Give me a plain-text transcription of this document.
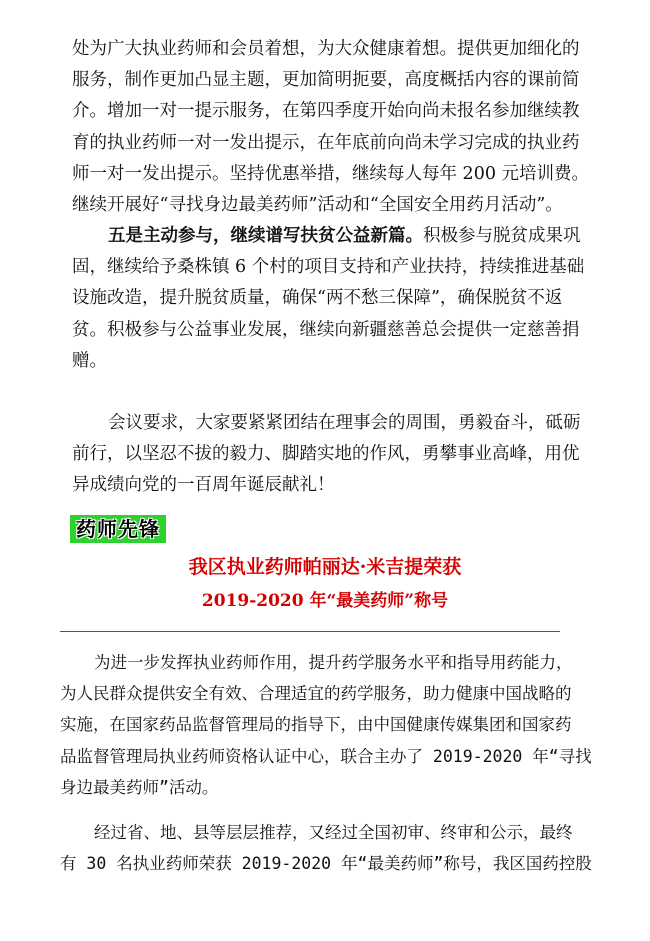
处为广大执业药师和会员着想，为大众健康着想。提供更加细化的
服务，制作更加凸显主题，更加简明扼要，高度概括内容的课前简
介。增加一对一提示服务，在第四季度开始向尚未报名参加继续教
育的执业药师一对一发出提示，在年底前向尚未学习完成的执业药
师一对一发出提示。坚持优惠举措，继续每人每年 200 元培训费。
继续开展好“寻找身边最美药师”活动和“全国安全用药月活动”。
五是主动参与，继续谱写扶贫公益新篇。积极参与脱贫成果巩
固，继续给予桑株镇 6 个村的项目支持和产业扶持，持续推进基础
设施改造，提升脱贫质量，确保“两不愁三保障”，确保脱贫不返
贫。积极参与公益事业发展，继续向新疆慈善总会提供一定慈善捐
赠。
会议要求，大家要紧紧团结在理事会的周围，勇毅奋斗，砥砺
前行，以坚忍不拔的毅力、脚踏实地的作风，勇攀事业高峰，用优
异成绩向党的一百周年诞辰献礼！
药师先锋

我区执业药师帕丽达·米吉提荣获

2019-2020 年“最美药师”称号

为进一步发挥执业药师作用，提升药学服务水平和指导用药能力，
为人民群众提供安全有效、合理适宜的药学服务，助力健康中国战略的
实施，在国家药品监督管理局的指导下，由中国健康传媒集团和国家药
品监督管理局执业药师资格认证中心，联合主办了 2019-2020 年“寻找
身边最美药师”活动。
经过省、地、县等层层推荐，又经过全国初审、终审和公示，最终
有 30 名执业药师荣获 2019-2020 年“最美药师”称号，我区国药控股
